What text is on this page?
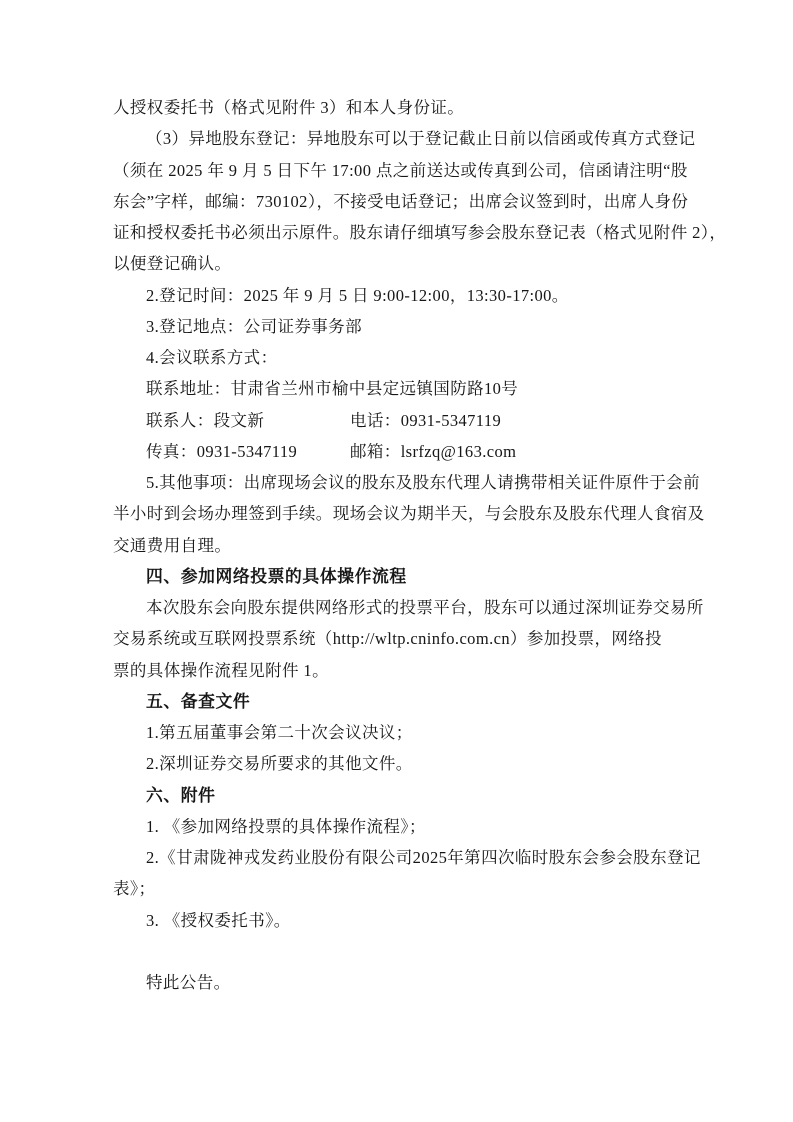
人授权委托书（格式见附件 3）和本人身份证。
（3）异地股东登记：异地股东可以于登记截止日前以信函或传真方式登记
（须在 2025 年 9 月 5 日下午 17:00 点之前送达或传真到公司，信函请注明“股
东会”字样，邮编：730102），不接受电话登记；出席会议签到时，出席人身份
证和授权委托书必须出示原件。股东请仔细填写参会股东登记表（格式见附件 2），
以便登记确认。
2.登记时间：2025 年 9 月 5 日 9:00-12:00，13:30-17:00。
3.登记地点：公司证券事务部
4.会议联系方式：
联系地址：甘肃省兰州市榆中县定远镇国防路10号
联系人：段文新	电话：0931-5347119
传真：0931-5347119	邮箱：lsrfzq@163.com
5.其他事项：出席现场会议的股东及股东代理人请携带相关证件原件于会前
半小时到会场办理签到手续。现场会议为期半天，与会股东及股东代理人食宿及
交通费用自理。
四、参加网络投票的具体操作流程
本次股东会向股东提供网络形式的投票平台，股东可以通过深圳证券交易所
交易系统或互联网投票系统（http://wltp.cninfo.com.cn）参加投票，网络投
票的具体操作流程见附件 1。
五、备查文件
1.第五届董事会第二十次会议决议；
2.深圳证券交易所要求的其他文件。
六、附件
1. 《参加网络投票的具体操作流程》；
2.《甘肃陇神戎发药业股份有限公司2025年第四次临时股东会参会股东登记
表》；
3. 《授权委托书》。

特此公告。
